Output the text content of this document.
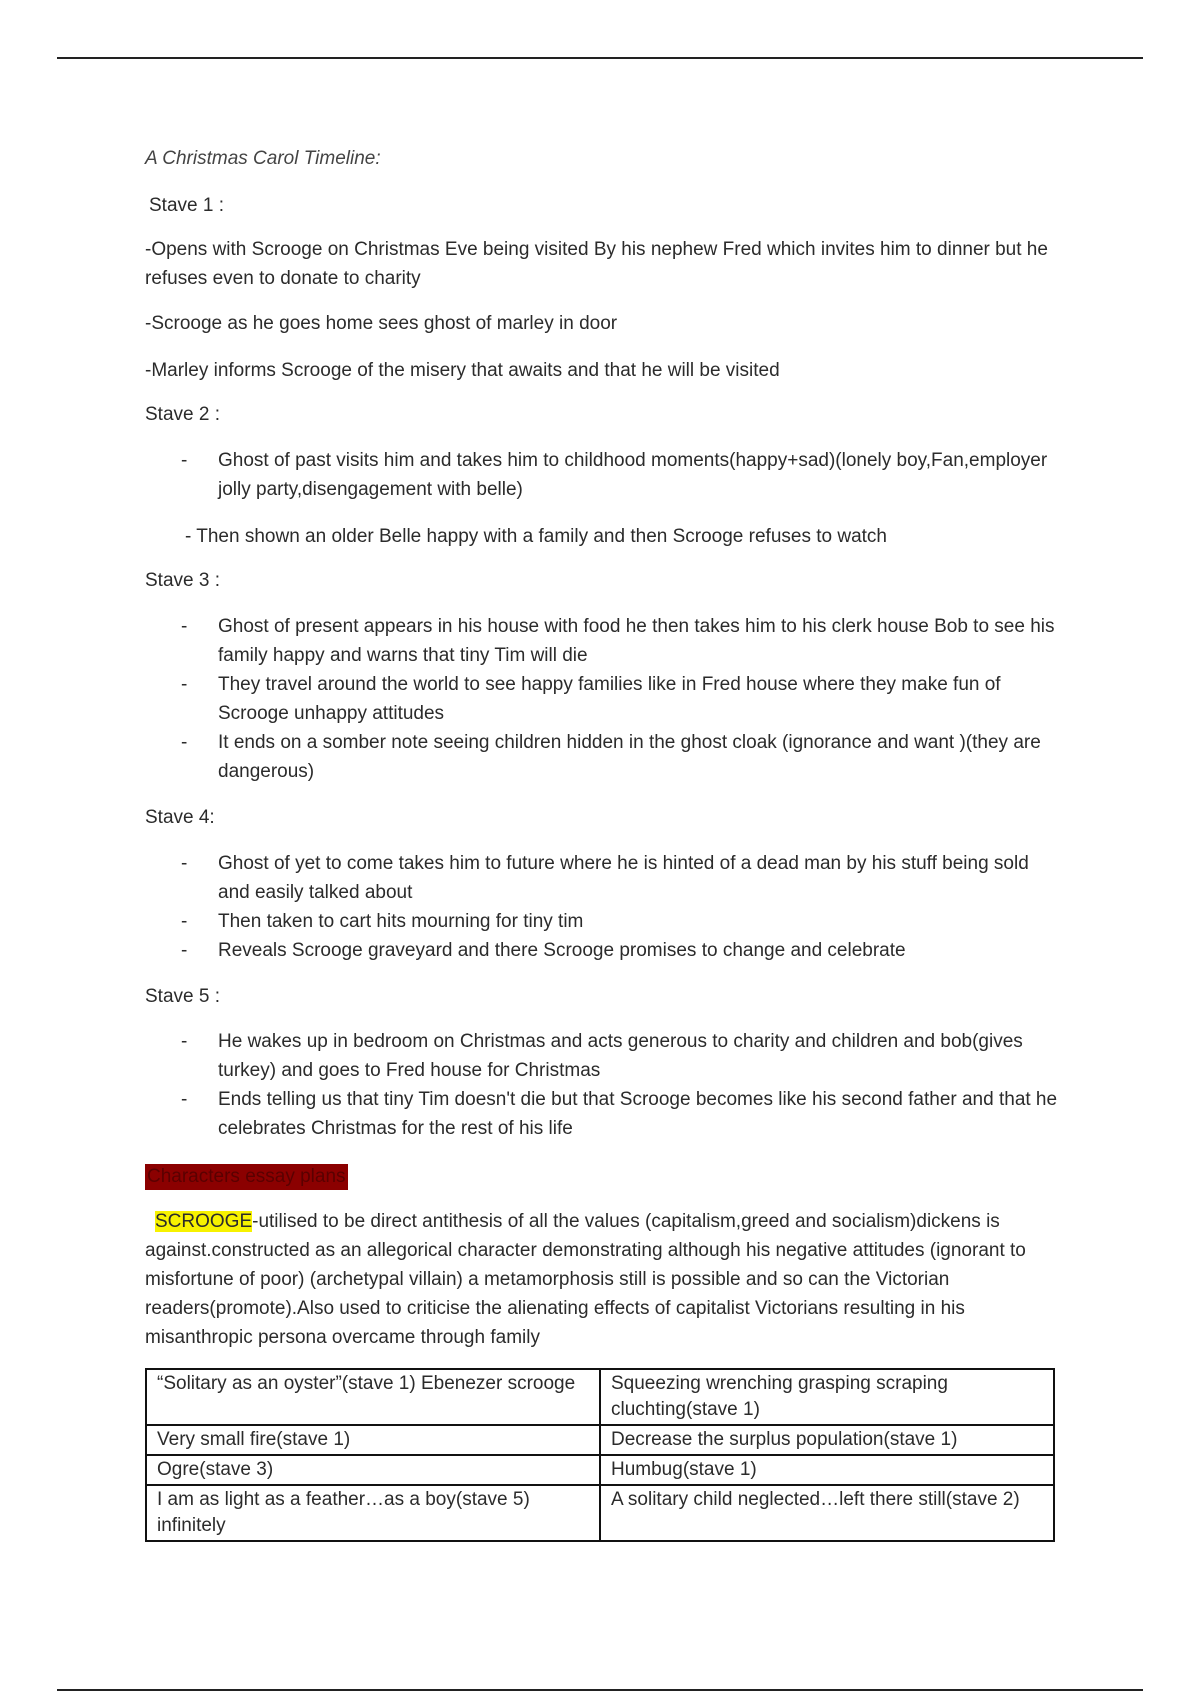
A Christmas Carol Timeline:

Stave 1 :

-Opens with Scrooge on Christmas Eve being visited By his nephew Fred which invites him to dinner but he refuses even to donate to charity

-Scrooge as he goes home sees ghost of marley in door

-Marley informs Scrooge of the misery that awaits and that he will be visited

Stave 2 :

- Ghost of past visits him and takes him to childhood moments(happy+sad)(lonely boy,Fan,employer jolly party,disengagement with belle)

- Then shown an older Belle happy with a family and then Scrooge refuses to watch

Stave 3 :

- Ghost of present appears in his house with food he then takes him to his clerk house Bob to see his family happy and warns that tiny Tim will die
- They travel around the world to see happy families like in Fred house where they make fun of Scrooge unhappy attitudes
- It ends on a somber note seeing children hidden in the ghost cloak (ignorance and want )(they are dangerous)

Stave 4:

- Ghost of yet to come takes him to future where he is hinted of a dead man by his stuff being sold and easily talked about
- Then taken to cart hits mourning for tiny tim
- Reveals Scrooge graveyard and there Scrooge promises to change and celebrate

Stave 5 :

- He wakes up in bedroom on Christmas and acts generous to charity and children and bob(gives turkey) and goes to Fred house for Christmas
- Ends telling us that tiny Tim doesn't die but that Scrooge becomes like his second father and that he celebrates Christmas for the rest of his life

Characters essay plans

SCROOGE-utilised to be direct antithesis of all the values (capitalism,greed and socialism)dickens is against.constructed as an allegorical character demonstrating although his negative attitudes (ignorant to misfortune of poor) (archetypal villain) a metamorphosis still is possible and so can the Victorian readers(promote).Also used to criticise the alienating effects of capitalist Victorians resulting in his misanthropic persona overcame through family

“Solitary as an oyster”(stave 1) Ebenezer scrooge	Squeezing wrenching grasping scraping cluchting(stave 1)
Very small fire(stave 1)	Decrease the surplus population(stave 1)
Ogre(stave 3)	Humbug(stave 1)
I am as light as a feather…as a boy(stave 5) infinitely	A solitary child neglected…left there still(stave 2)
